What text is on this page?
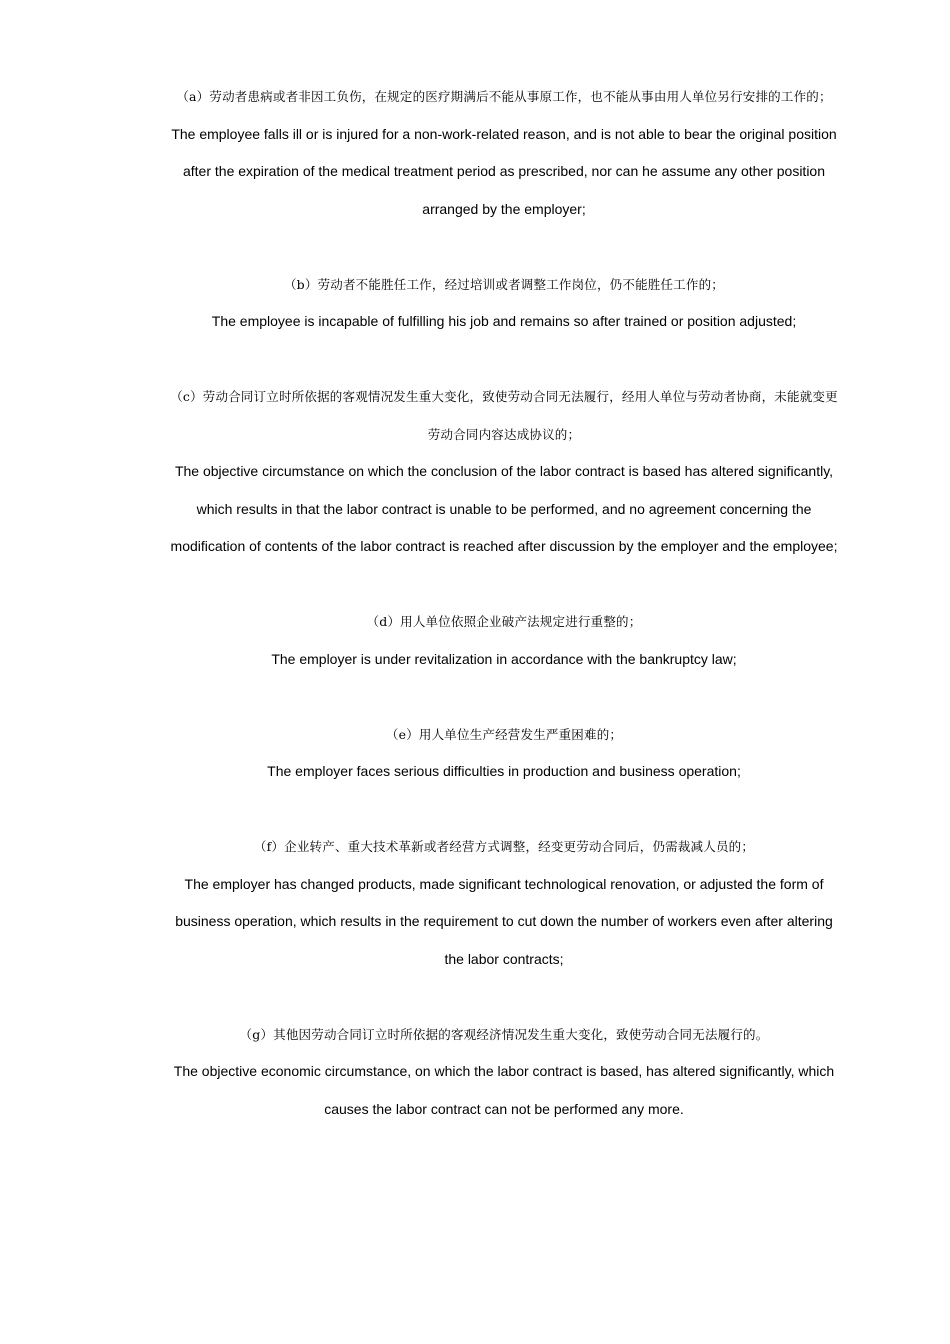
（a）劳动者患病或者非因工负伤，在规定的医疗期满后不能从事原工作，也不能从事由用人单位另行安排的工作的；
The employee falls ill or is injured for a non-work-related reason, and is not able to bear the original position after the expiration of the medical treatment period as prescribed, nor can he assume any other position arranged by the employer;
（b）劳动者不能胜任工作，经过培训或者调整工作岗位，仍不能胜任工作的；
The employee is incapable of fulfilling his job and remains so after trained or position adjusted;
（c）劳动合同订立时所依据的客观情况发生重大变化，致使劳动合同无法履行，经用人单位与劳动者协商，未能就变更劳动合同内容达成协议的；
The objective circumstance on which the conclusion of the labor contract is based has altered significantly, which results in that the labor contract is unable to be performed, and no agreement concerning the modification of contents of the labor contract is reached after discussion by the employer and the employee;
（d）用人单位依照企业破产法规定进行重整的；
The employer is under revitalization in accordance with the bankruptcy law;
（e）用人单位生产经营发生严重困难的；
The employer faces serious difficulties in production and business operation;
（f）企业转产、重大技术革新或者经营方式调整，经变更劳动合同后，仍需裁减人员的；
The employer has changed products, made significant technological renovation, or adjusted the form of business operation, which results in the requirement to cut down the number of workers even after altering the labor contracts;
（g）其他因劳动合同订立时所依据的客观经济情况发生重大变化，致使劳动合同无法履行的。
The objective economic circumstance, on which the labor contract is based, has altered significantly, which causes the labor contract can not be performed any more.
